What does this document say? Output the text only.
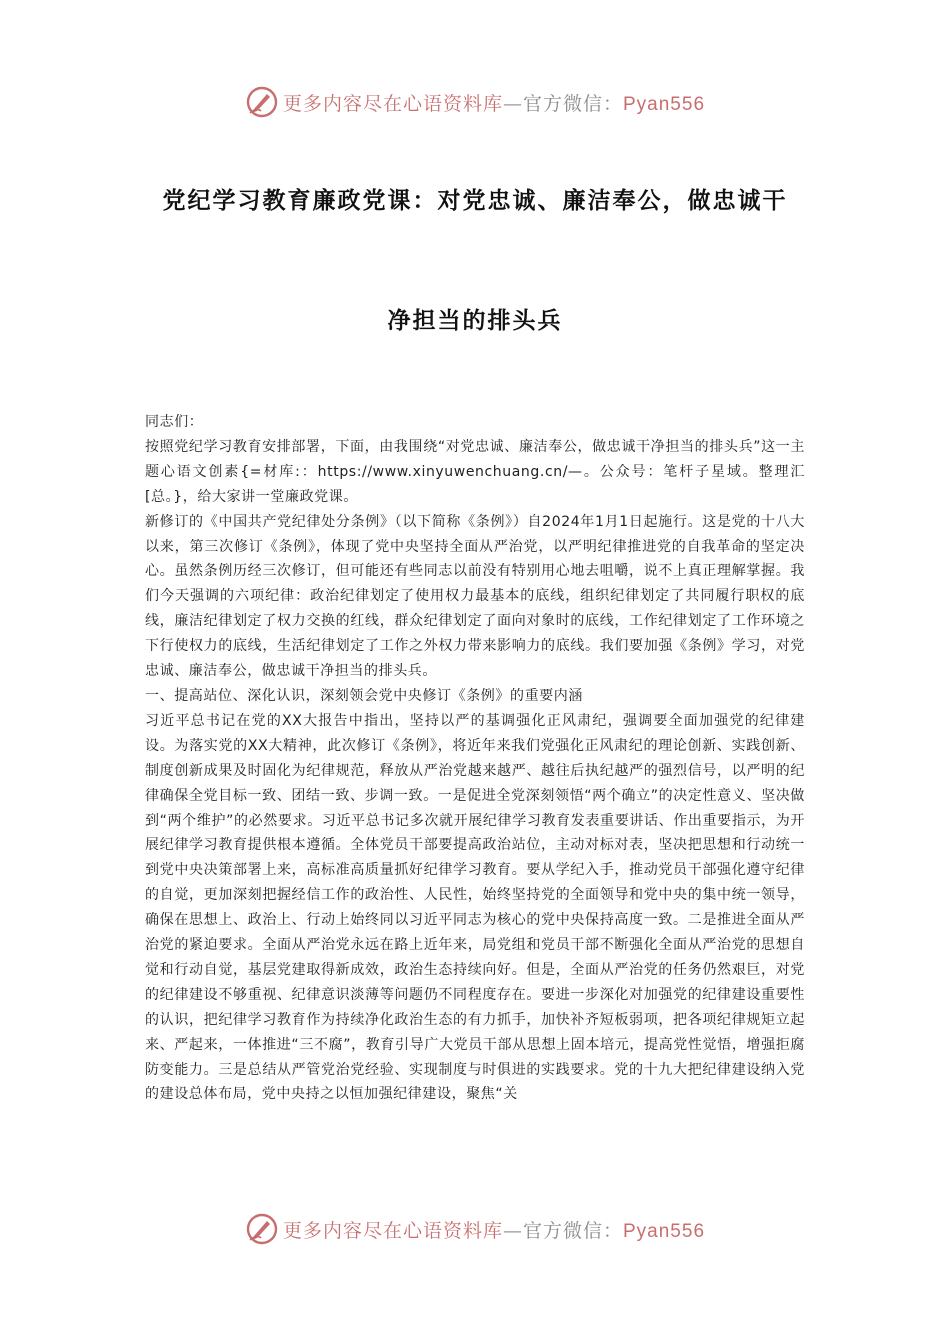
更多内容尽在心语资料库—官方微信：Pyan556
党纪学习教育廉政党课：对党忠诚、廉洁奉公，做忠诚干
净担当的排头兵

同志们：

按照党纪学习教育安排部署，下面，由我围绕“对党忠诚、廉洁奉公，做忠诚干净担当的排头兵”这一主题心语文创素{=材库:：https://www.xinyuwenchuang.cn/—。公众号：笔杆子星域。整理汇[总。}，给大家讲一堂廉政党课。

新修订的《中国共产党纪律处分条例》（以下简称《条例》）自2024年1月1日起施行。这是党的十八大以来，第三次修订《条例》，体现了党中央坚持全面从严治党，以严明纪律推进党的自我革命的坚定决心。虽然条例历经三次修订，但可能还有些同志以前没有特别用心地去咀嚼，说不上真正理解掌握。我们今天强调的六项纪律：政治纪律划定了使用权力最基本的底线，组织纪律划定了共同履行职权的底线，廉洁纪律划定了权力交换的红线，群众纪律划定了面向对象时的底线，工作纪律划定了工作环境之下行使权力的底线，生活纪律划定了工作之外权力带来影响力的底线。我们要加强《条例》学习，对党忠诚、廉洁奉公，做忠诚干净担当的排头兵。

一、提高站位、深化认识，深刻领会党中央修订《条例》的重要内涵

习近平总书记在党的XX大报告中指出，坚持以严的基调强化正风肃纪，强调要全面加强党的纪律建设。为落实党的XX大精神，此次修订《条例》，将近年来我们党强化正风肃纪的理论创新、实践创新、制度创新成果及时固化为纪律规范，释放从严治党越来越严、越往后执纪越严的强烈信号，以严明的纪律确保全党目标一致、团结一致、步调一致。一是促进全党深刻领悟“两个确立”的决定性意义、坚决做到“两个维护”的必然要求。习近平总书记多次就开展纪律学习教育发表重要讲话、作出重要指示，为开展纪律学习教育提供根本遵循。全体党员干部要提高政治站位，主动对标对表，坚决把思想和行动统一到党中央决策部署上来，高标准高质量抓好纪律学习教育。要从学纪入手，推动党员干部强化遵守纪律的自觉，更加深刻把握经信工作的政治性、人民性，始终坚持党的全面领导和党中央的集中统一领导，确保在思想上、政治上、行动上始终同以习近平同志为核心的党中央保持高度一致。二是推进全面从严治党的紧迫要求。全面从严治党永远在路上近年来，局党组和党员干部不断强化全面从严治党的思想自觉和行动自觉，基层党建取得新成效，政治生态持续向好。但是，全面从严治党的任务仍然艰巨，对党的纪律建设不够重视、纪律意识淡薄等问题仍不同程度存在。要进一步深化对加强党的纪律建设重要性的认识，把纪律学习教育作为持续净化政治生态的有力抓手，加快补齐短板弱项，把各项纪律规矩立起来、严起来，一体推进“三不腐”，教育引导广大党员干部从思想上固本培元，提高党性觉悟，增强拒腐防变能力。三是总结从严管党治党经验、实现制度与时俱进的实践要求。党的十九大把纪律建设纳入党的建设总体布局，党中央持之以恒加强纪律建设，聚焦“关

更多内容尽在心语资料库—官方微信：Pyan556
